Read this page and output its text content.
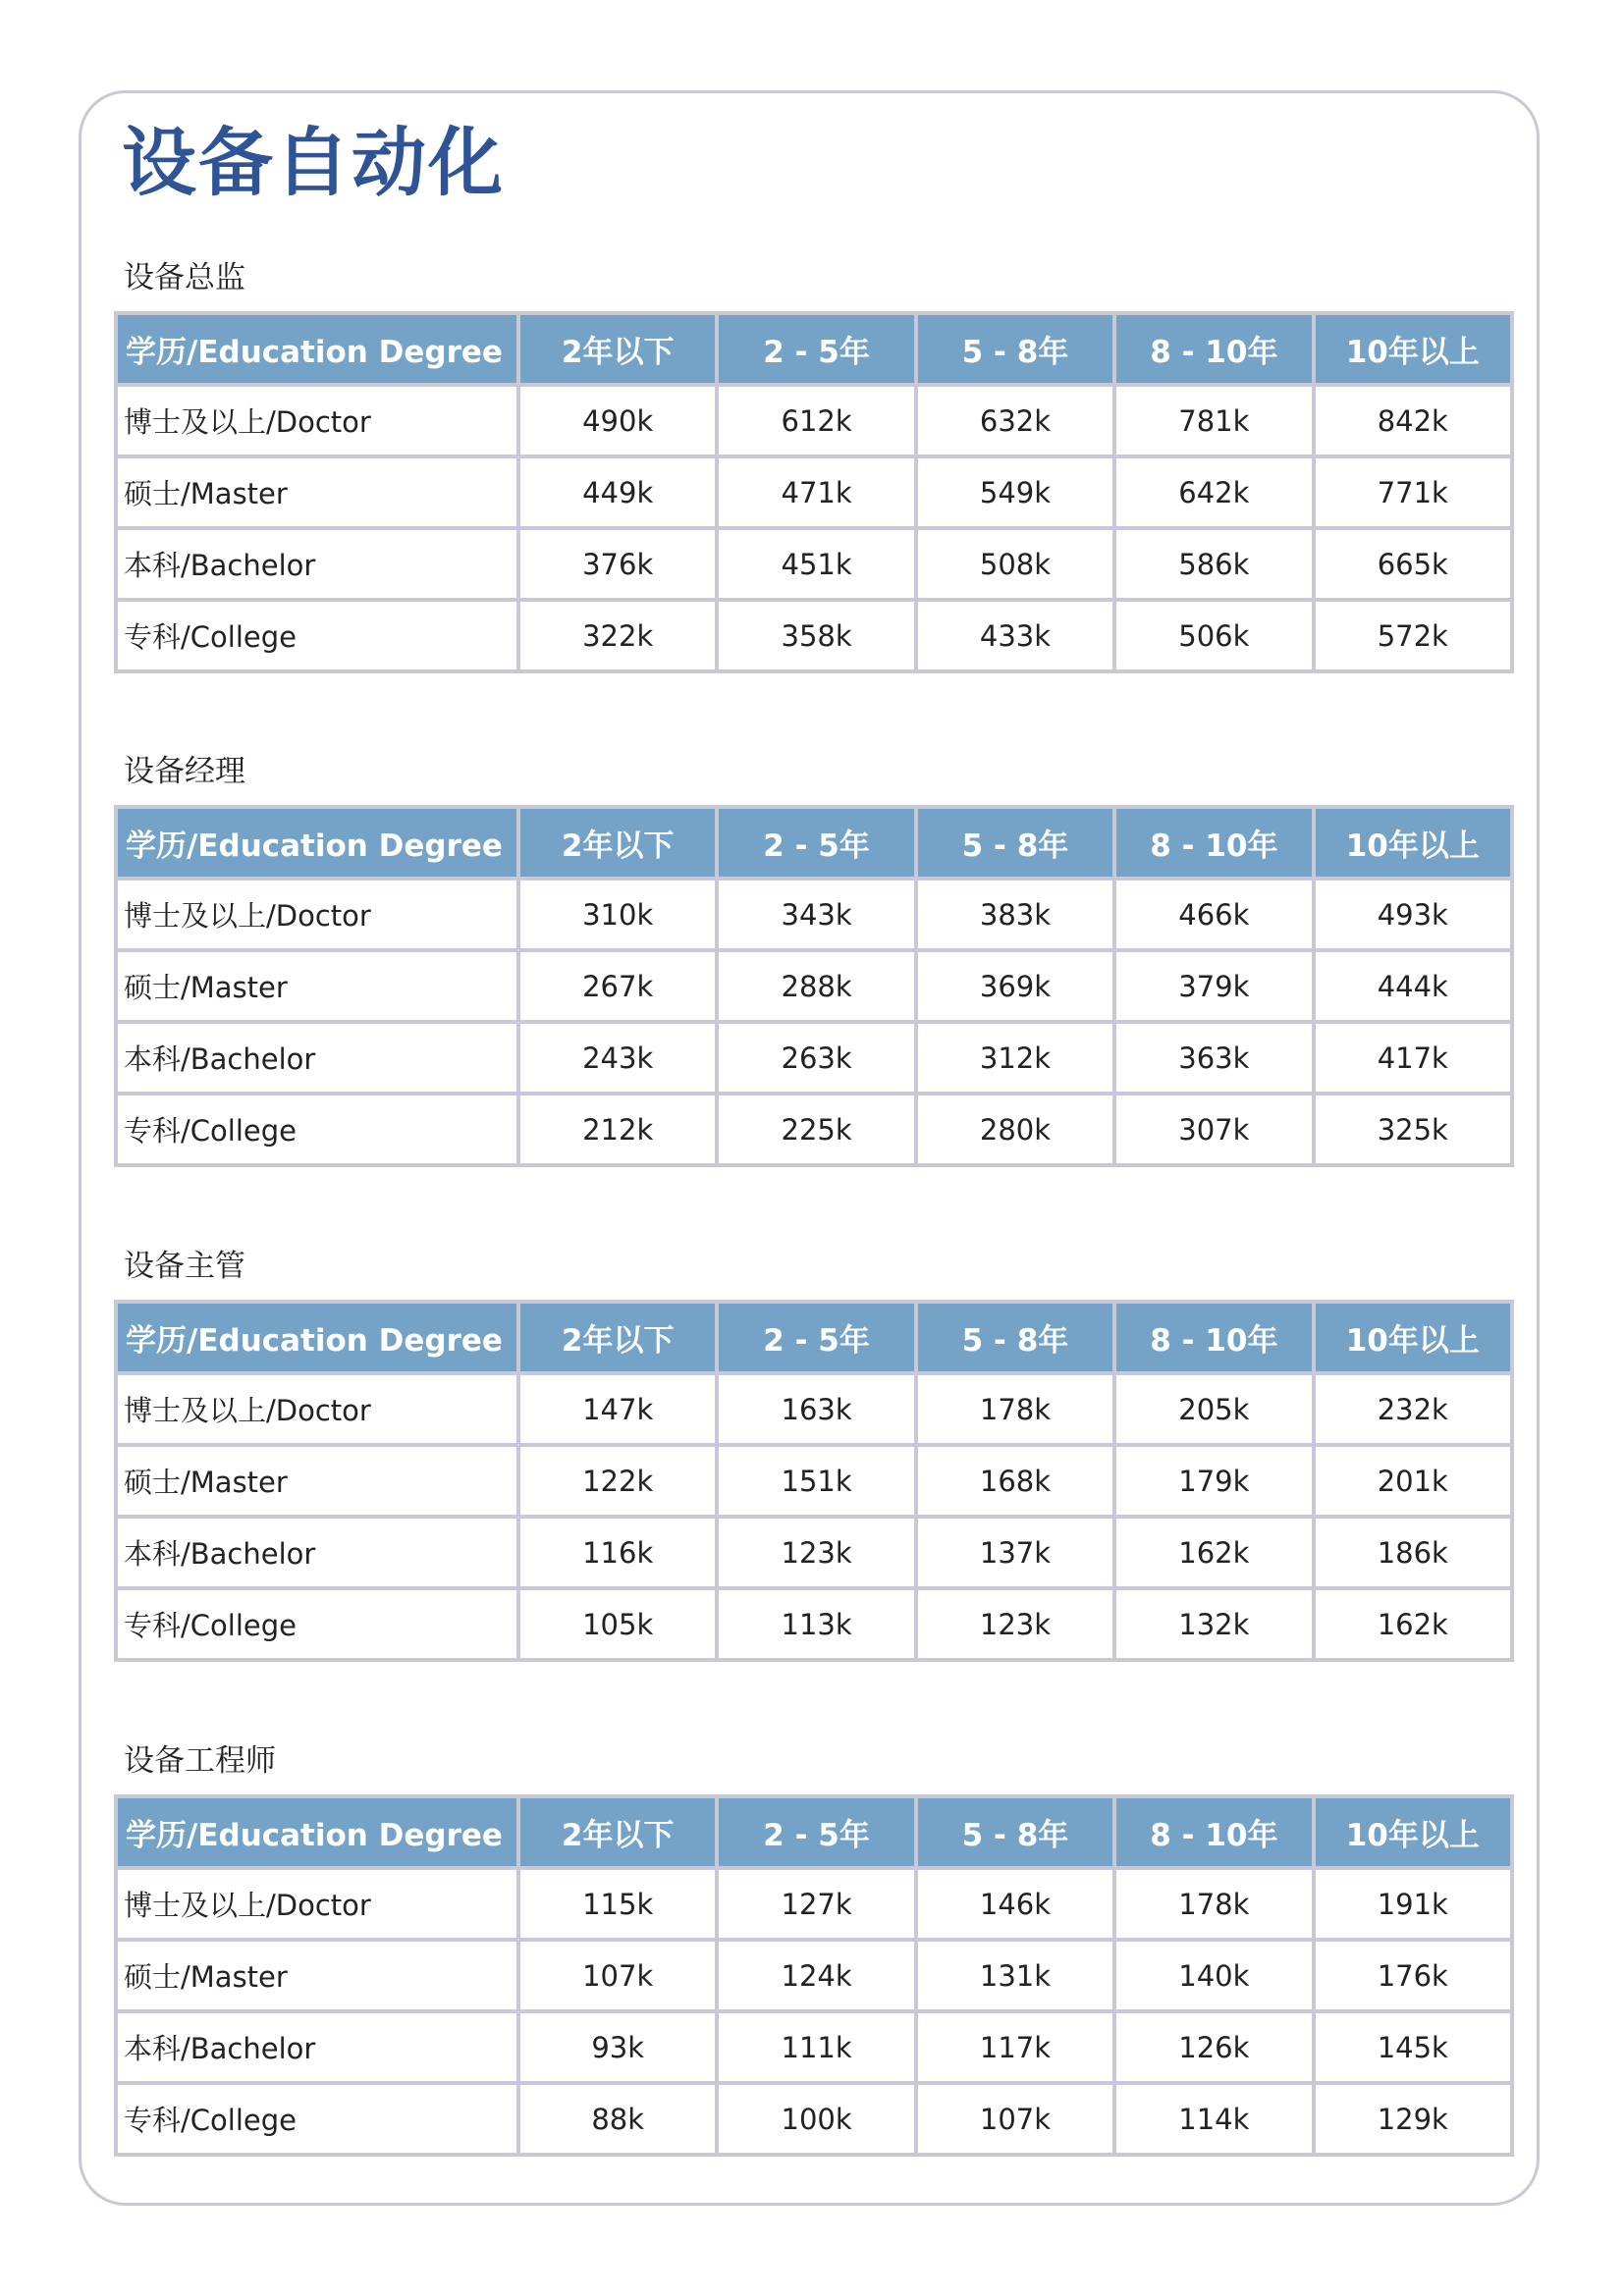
设备自动化
设备总监
学历/Education Degree	2年以下	2 - 5年	5 - 8年	8 - 10年	10年以上
博士及以上/Doctor	490k	612k	632k	781k	842k
硕士/Master	449k	471k	549k	642k	771k
本科/Bachelor	376k	451k	508k	586k	665k
专科/College	322k	358k	433k	506k	572k
设备经理
学历/Education Degree	2年以下	2 - 5年	5 - 8年	8 - 10年	10年以上
博士及以上/Doctor	310k	343k	383k	466k	493k
硕士/Master	267k	288k	369k	379k	444k
本科/Bachelor	243k	263k	312k	363k	417k
专科/College	212k	225k	280k	307k	325k
设备主管
学历/Education Degree	2年以下	2 - 5年	5 - 8年	8 - 10年	10年以上
博士及以上/Doctor	147k	163k	178k	205k	232k
硕士/Master	122k	151k	168k	179k	201k
本科/Bachelor	116k	123k	137k	162k	186k
专科/College	105k	113k	123k	132k	162k
设备工程师
学历/Education Degree	2年以下	2 - 5年	5 - 8年	8 - 10年	10年以上
博士及以上/Doctor	115k	127k	146k	178k	191k
硕士/Master	107k	124k	131k	140k	176k
本科/Bachelor	93k	111k	117k	126k	145k
专科/College	88k	100k	107k	114k	129k
